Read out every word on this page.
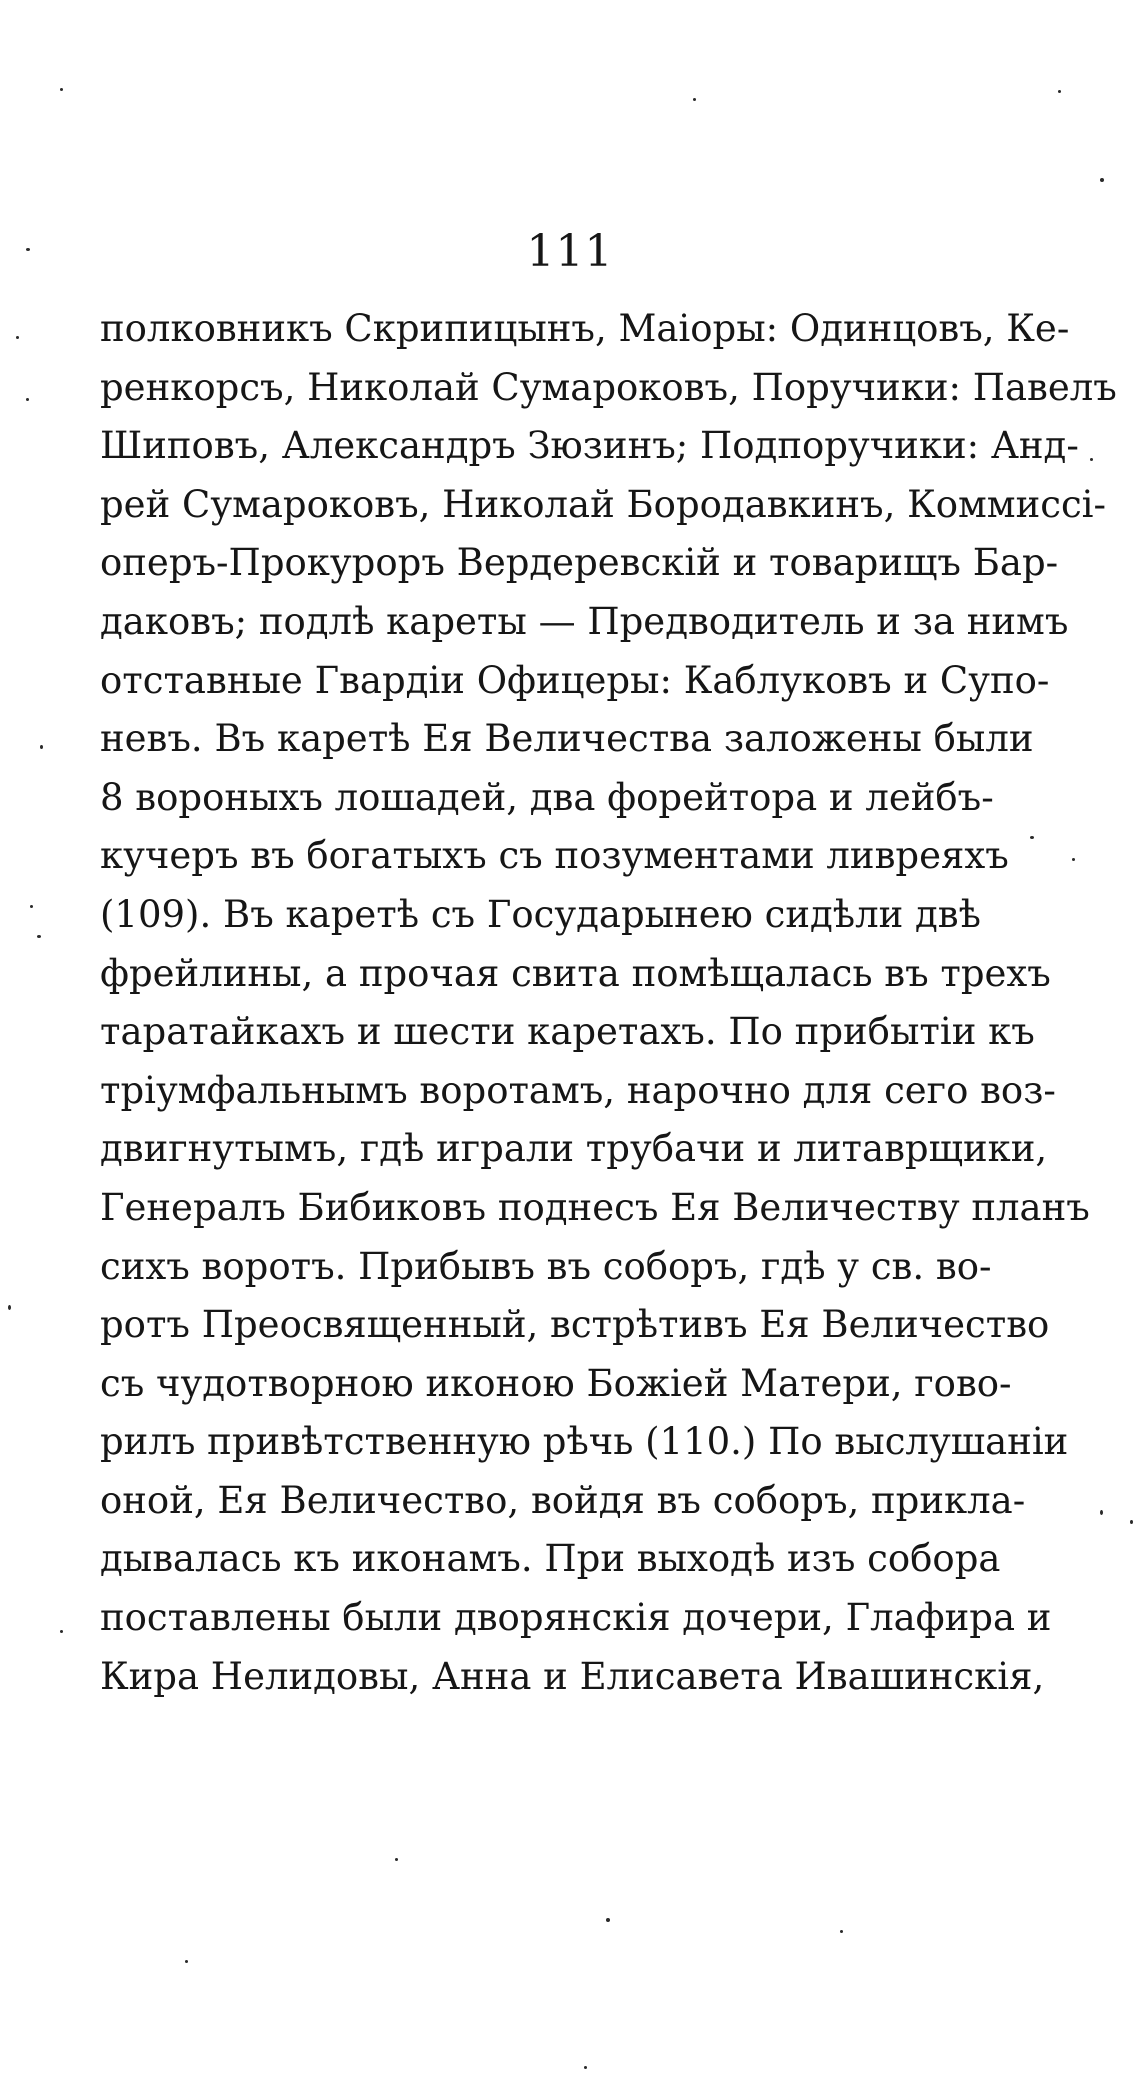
111
полковникъ Скрипицынъ, Маіоры: Одинцовъ, Ке-
ренкорсъ, Николай Сумароковъ, Поручики: Павелъ
Шиповъ, Александръ Зюзинъ; Подпоручики: Анд-
рей Сумароковъ, Николай Бородавкинъ, Коммиссі-
оперъ-Прокуроръ Вердеревскій и товарищъ Бар-
даковъ; подлѣ кареты — Предводитель и за нимъ
отставные Гвардіи Офицеры: Каблуковъ и Супо-
невъ. Въ каретѣ Ея Величества заложены были
8 вороныхъ лошадей, два форейтора и лейбъ-
кучеръ въ богатыхъ съ позументами ливреяхъ
(109). Въ каретѣ съ Государынею сидѣли двѣ
фрейлины, а прочая свита помѣщалась въ трехъ
таратайкахъ и шести каретахъ. По прибытіи къ
тріумфальнымъ воротамъ, нарочно для сего воз-
двигнутымъ, гдѣ играли трубачи и литаврщики,
Генералъ Бибиковъ поднесъ Ея Величеству планъ
сихъ воротъ. Прибывъ въ соборъ, гдѣ у св. во-
ротъ Преосвященный, встрѣтивъ Ея Величество
съ чудотворною иконою Божіей Матери, гово-
рилъ привѣтственную рѣчь (110.) По выслушаніи
оной, Ея Величество, войдя въ соборъ, прикла-
дывалась къ иконамъ. При выходѣ изъ собора
поставлены были дворянскія дочери, Глафира и
Кира Нелидовы, Анна и Елисавета Ивашинскія,
